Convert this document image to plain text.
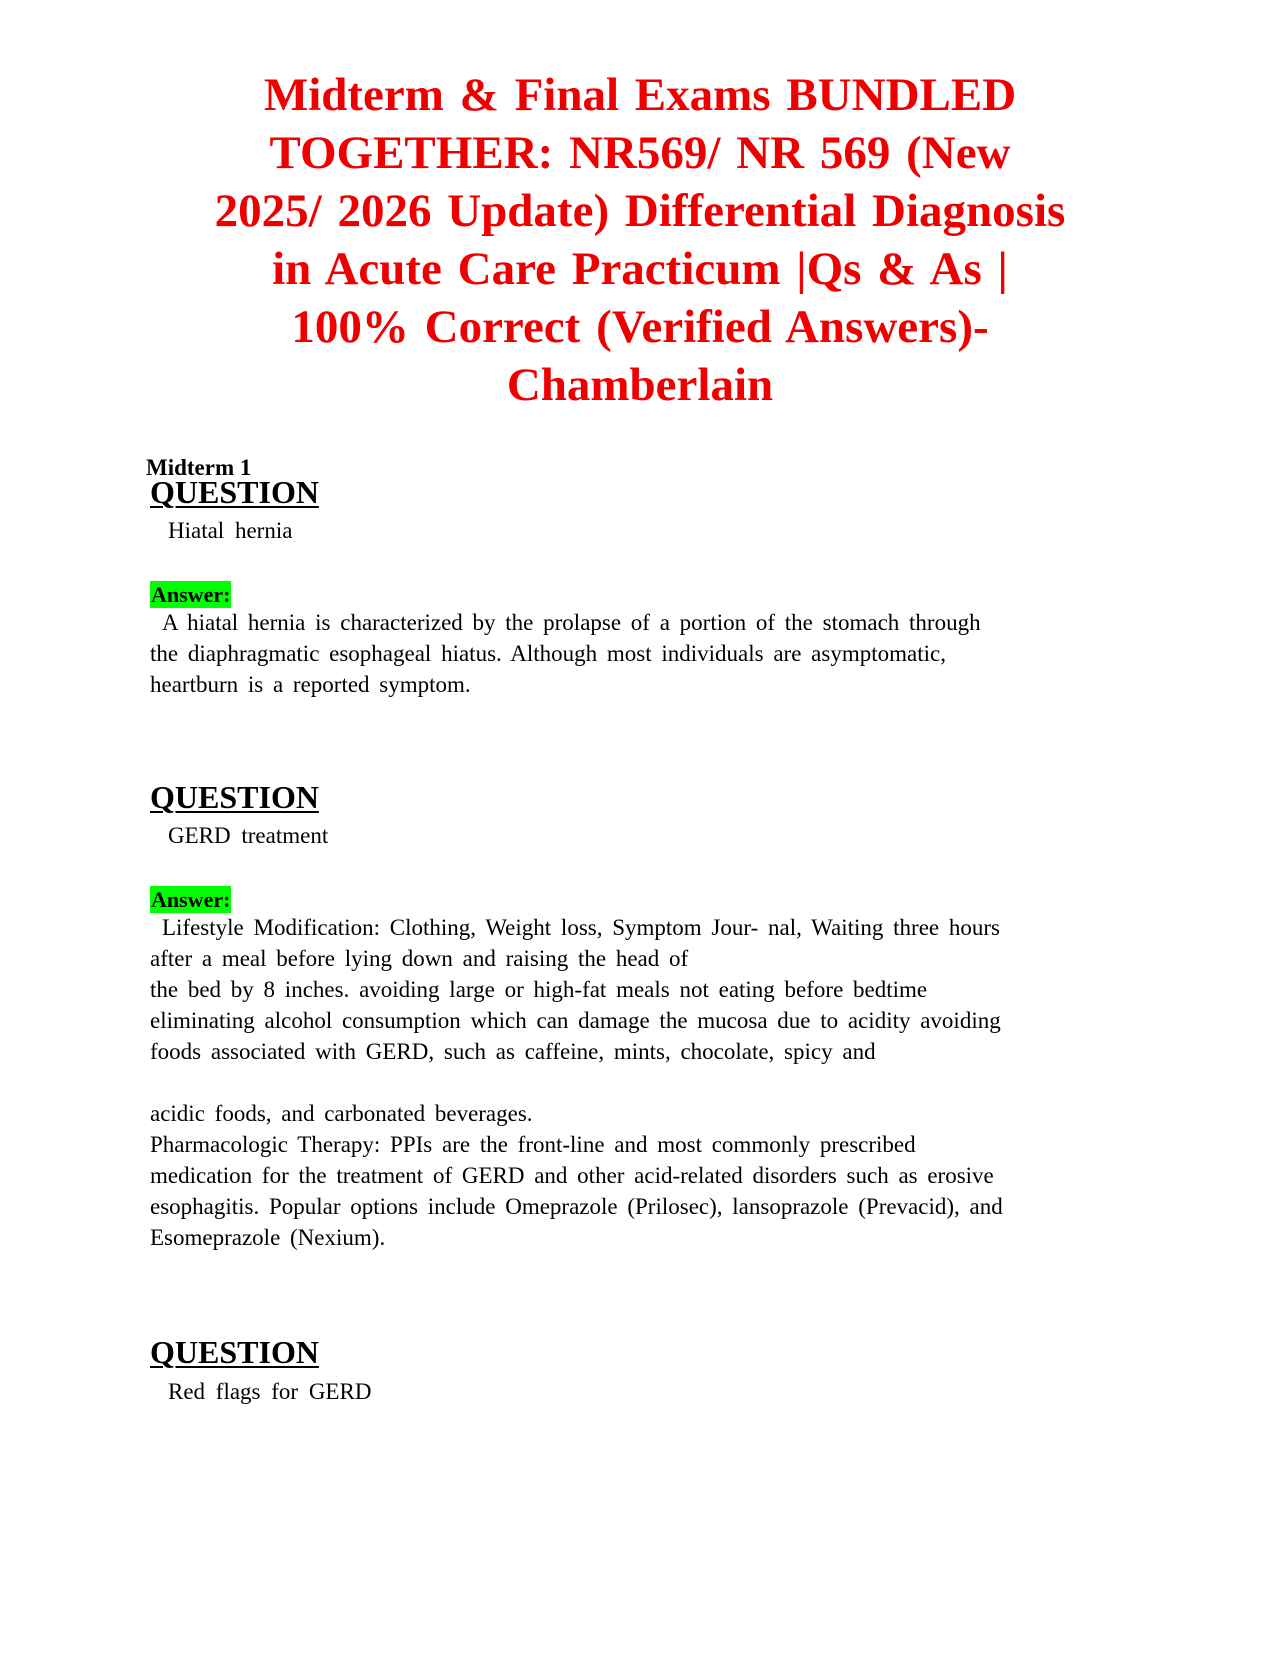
Midterm & Final Exams BUNDLED
TOGETHER: NR569/ NR 569 (New
2025/ 2026 Update) Differential Diagnosis
in Acute Care Practicum |Qs & As |
100% Correct (Verified Answers)-
Chamberlain

Midterm 1

QUESTION

Hiatal hernia

Answer:

A hiatal hernia is characterized by the prolapse of a portion of the stomach through
the diaphragmatic esophageal hiatus. Although most individuals are asymptomatic,
heartburn is a reported symptom.

QUESTION

GERD treatment

Answer:

Lifestyle Modification: Clothing, Weight loss, Symptom Jour- nal, Waiting three hours
after a meal before lying down and raising the head of
the bed by 8 inches. avoiding large or high-fat meals not eating before bedtime
eliminating alcohol consumption which can damage the mucosa due to acidity avoiding
foods associated with GERD, such as caffeine, mints, chocolate, spicy and

acidic foods, and carbonated beverages.
Pharmacologic Therapy: PPIs are the front-line and most commonly prescribed
medication for the treatment of GERD and other acid-related disorders such as erosive
esophagitis. Popular options include Omeprazole (Prilosec), lansoprazole (Prevacid), and
Esomeprazole (Nexium).

QUESTION

Red flags for GERD
